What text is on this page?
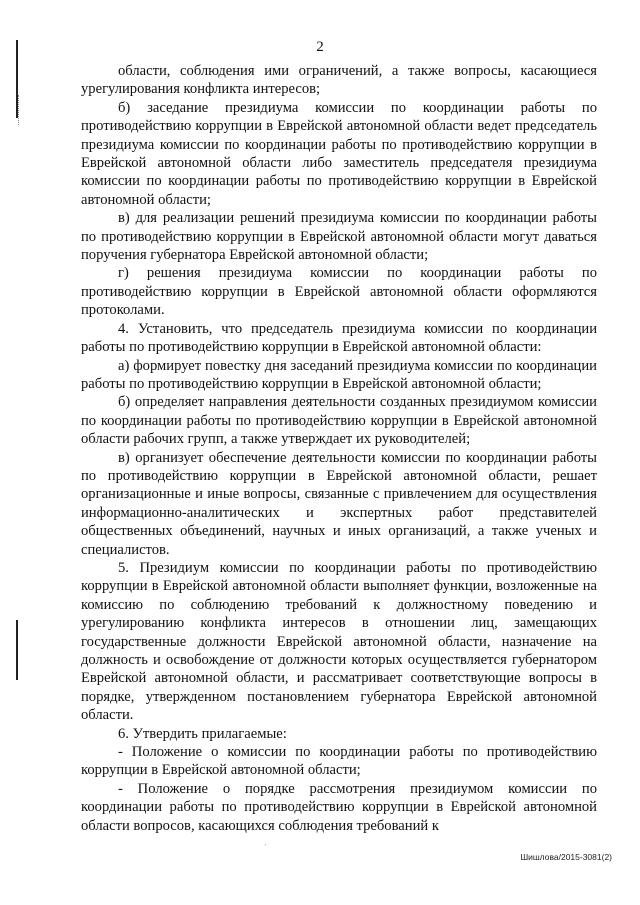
2

области, соблюдения ими ограничений, а также вопросы, касающиеся урегулирования конфликта интересов;

б) заседание президиума комиссии по координации работы по противодействию коррупции в Еврейской автономной области ведет председатель президиума комиссии по координации работы по противодействию коррупции в Еврейской автономной области либо заместитель председателя президиума комиссии по координации работы по противодействию коррупции в Еврейской автономной области;

в) для реализации решений президиума комиссии по координации работы по противодействию коррупции в Еврейской автономной области могут даваться поручения губернатора Еврейской автономной области;

г) решения президиума комиссии по координации работы по противодействию коррупции в Еврейской автономной области оформляются протоколами.

4. Установить, что председатель президиума комиссии по координации работы по противодействию коррупции в Еврейской автономной области:

а) формирует повестку дня заседаний президиума комиссии по координации работы по противодействию коррупции в Еврейской автономной области;

б) определяет направления деятельности созданных президиумом комиссии по координации работы по противодействию коррупции в Еврейской автономной области рабочих групп, а также утверждает их руководителей;

в) организует обеспечение деятельности комиссии по координации работы по противодействию коррупции в Еврейской автономной области, решает организационные и иные вопросы, связанные с привлечением для осуществления информационно-аналитических и экспертных работ представителей общественных объединений, научных и иных организаций, а также ученых и специалистов.

5. Президиум комиссии по координации работы по противодействию коррупции в Еврейской автономной области выполняет функции, возложенные на комиссию по соблюдению требований к должностному поведению и урегулированию конфликта интересов в отношении лиц, замещающих государственные должности Еврейской автономной области, назначение на должность и освобождение от должности которых осуществляется губернатором Еврейской автономной области, и рассматривает соответствующие вопросы в порядке, утвержденном постановлением губернатора Еврейской автономной области.

6. Утвердить прилагаемые:

- Положение о комиссии по координации работы по противодействию коррупции в Еврейской автономной области;

- Положение о порядке рассмотрения президиумом комиссии по координации работы по противодействию коррупции в Еврейской автономной области вопросов, касающихся соблюдения требований к

·
Шишлова/2015-3081(2)
